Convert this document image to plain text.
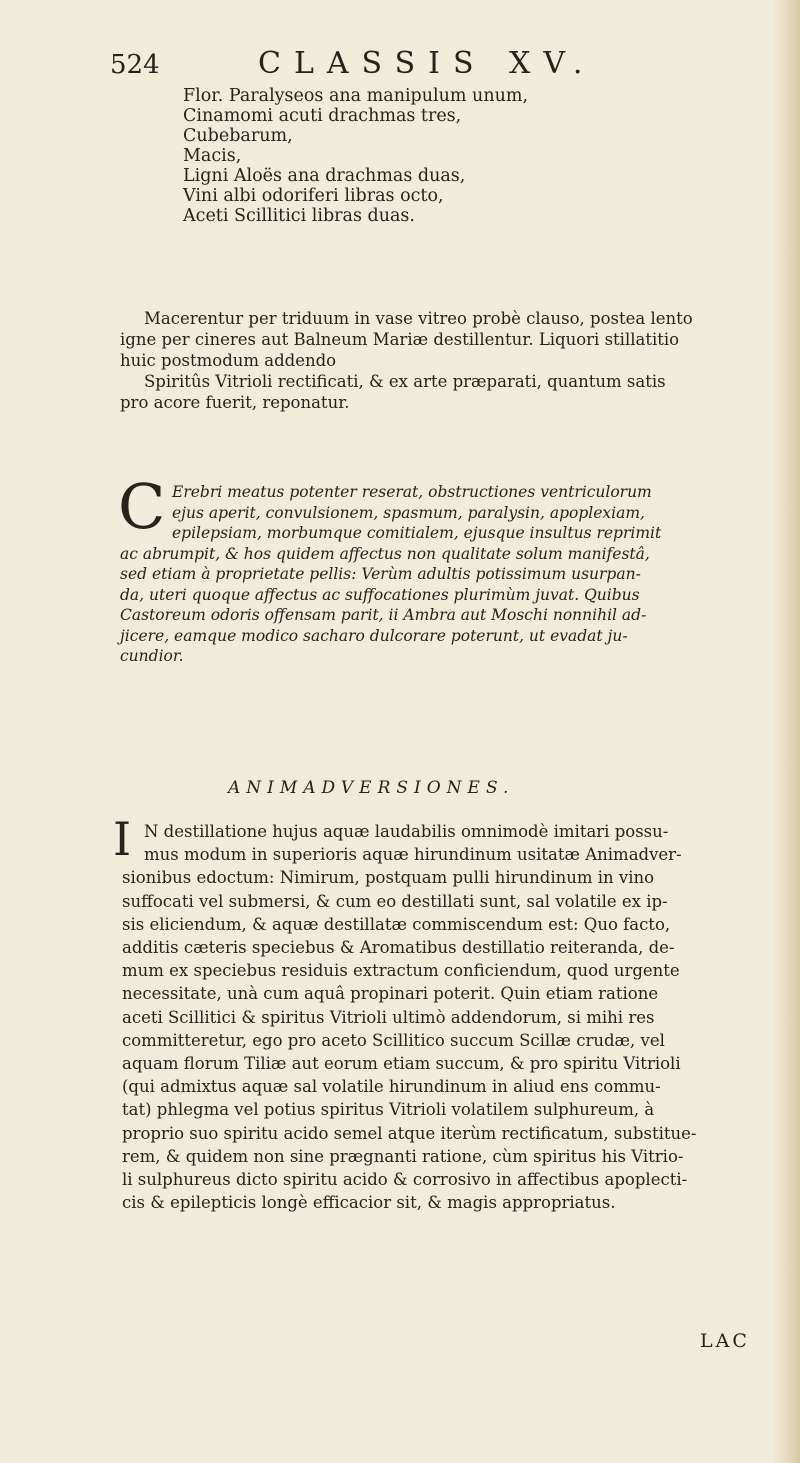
524	CLASSIS XV.
Flor. Paralyseos ana manipulum unum,
Cinamomi acuti drachmas tres,
Cubebarum,
Macis,
Ligni Aloës ana drachmas duas,
Vini albi odoriferi libras octo,
Aceti Scillitici libras duas.
Macerentur per triduum in vase vitreo probè clauso, postea lento
igne per cineres aut Balneum Mariæ destillentur. Liquori stillatitio
huic postmodum addendo
Spiritûs Vitrioli rectificati, & ex arte præparati, quantum satis
pro acore fuerit, reponatur.
C Erebri meatus potenter reserat, obstructiones ventriculorum
ejus aperit, convulsionem, spasmum, paralysin, apoplexiam,
epilepsiam, morbumque comitialem, ejusque insultus reprimit
ac abrumpit, & hos quidem affectus non qualitate solum manifestâ,
sed etiam à proprietate pellis: Verùm adultis potissimum usurpan-
da, uteri quoque affectus ac suffocationes plurimùm juvat. Quibus
Castoreum odoris offensam parit, ii Ambra aut Moschi nonnihil ad-
jicere, eamque modico sacharo dulcorare poterunt, ut evadat ju-
cundior.
ANIMADVERSIONES.
I N destillatione hujus aquæ laudabilis omnimodè imitari possu-
mus modum in superioris aquæ hirundinum usitatæ Animadver-
sionibus edoctum: Nimirum, postquam pulli hirundinum in vino
suffocati vel submersi, & cum eo destillati sunt, sal volatile ex ip-
sis eliciendum, & aquæ destillatæ commiscendum est: Quo facto,
additis cæteris speciebus & Aromatibus destillatio reiteranda, de-
mum ex speciebus residuis extractum conficiendum, quod urgente
necessitate, unà cum aquâ propinari poterit. Quin etiam ratione
aceti Scillitici & spiritus Vitrioli ultimò addendorum, si mihi res
committeretur, ego pro aceto Scillitico succum Scillæ crudæ, vel
aquam florum Tiliæ aut eorum etiam succum, & pro spiritu Vitrioli
(qui admixtus aquæ sal volatile hirundinum in aliud ens commu-
tat) phlegma vel potius spiritus Vitrioli volatilem sulphureum, à
proprio suo spiritu acido semel atque iterùm rectificatum, substitue-
rem, & quidem non sine prægnanti ratione, cùm spiritus his Vitrio-
li sulphureus dicto spiritu acido & corrosivo in affectibus apoplecti-
cis & epilepticis longè efficacior sit, & magis appropriatus.
LAC
